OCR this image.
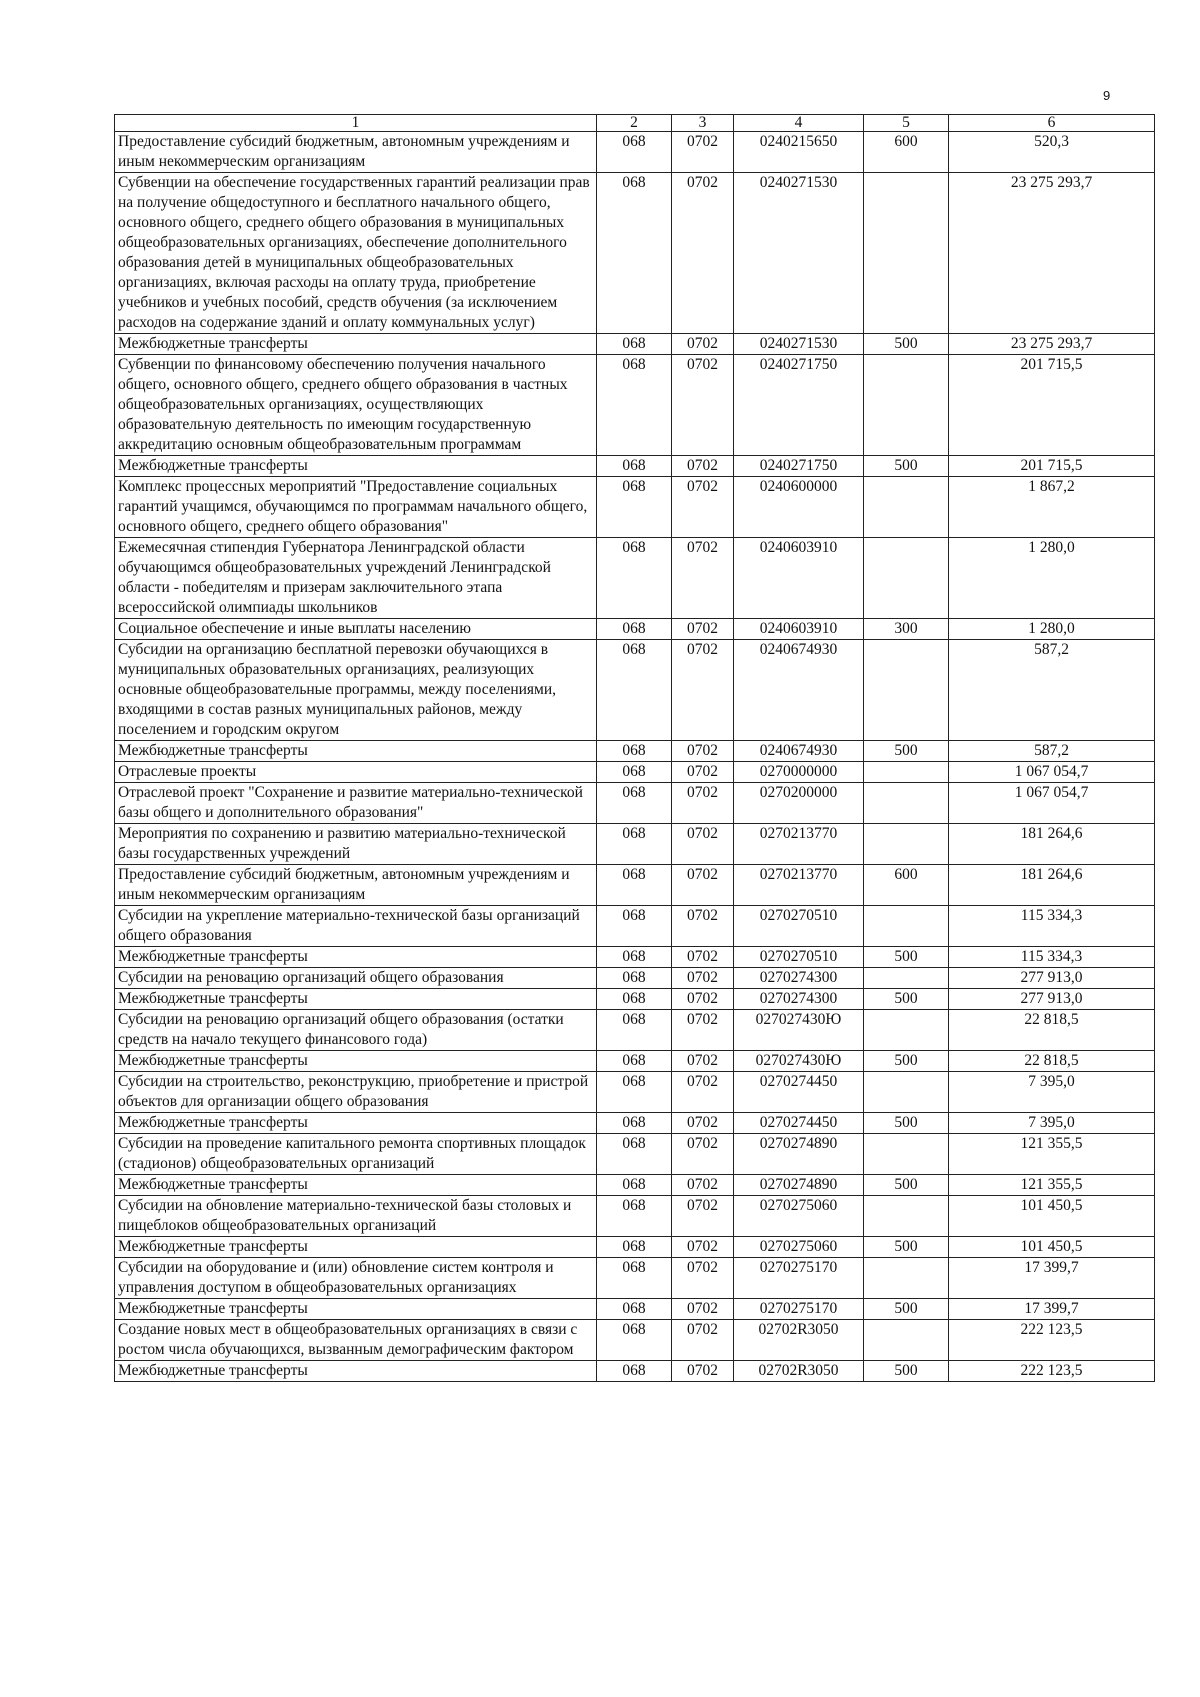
9
1	2	3	4	5	6
Предоставление субсидий бюджетным, автономным учреждениям и иным некоммерческим организациям	068	0702	0240215650	600	520,3
Субвенции на обеспечение государственных гарантий реализации прав на получение общедоступного и бесплатного начального общего, основного общего, среднего общего образования в муниципальных общеобразовательных организациях, обеспечение дополнительного образования детей в муниципальных общеобразовательных организациях, включая расходы на оплату труда, приобретение учебников и учебных пособий, средств обучения (за исключением расходов на содержание зданий и оплату коммунальных услуг)	068	0702	0240271530		23 275 293,7
Межбюджетные трансферты	068	0702	0240271530	500	23 275 293,7
Субвенции по финансовому обеспечению получения начального общего, основного общего, среднего общего образования в частных общеобразовательных организациях, осуществляющих образовательную деятельность по имеющим государственную аккредитацию основным общеобразовательным программам	068	0702	0240271750		201 715,5
Межбюджетные трансферты	068	0702	0240271750	500	201 715,5
Комплекс процессных мероприятий "Предоставление социальных гарантий учащимся, обучающимся по программам начального общего, основного общего, среднего общего образования"	068	0702	0240600000		1 867,2
Ежемесячная стипендия Губернатора Ленинградской области обучающимся общеобразовательных учреждений Ленинградской области - победителям и призерам заключительного этапа всероссийской олимпиады школьников	068	0702	0240603910		1 280,0
Социальное обеспечение и иные выплаты населению	068	0702	0240603910	300	1 280,0
Субсидии на организацию бесплатной перевозки обучающихся в муниципальных образовательных организациях, реализующих основные общеобразовательные программы, между поселениями, входящими в состав разных муниципальных районов, между поселением и городским округом	068	0702	0240674930		587,2
Межбюджетные трансферты	068	0702	0240674930	500	587,2
Отраслевые проекты	068	0702	0270000000		1 067 054,7
Отраслевой проект "Сохранение и развитие материально-технической базы общего и дополнительного образования"	068	0702	0270200000		1 067 054,7
Мероприятия по сохранению и развитию материально-технической базы государственных учреждений	068	0702	0270213770		181 264,6
Предоставление субсидий бюджетным, автономным учреждениям и иным некоммерческим организациям	068	0702	0270213770	600	181 264,6
Субсидии на укрепление материально-технической базы организаций общего образования	068	0702	0270270510		115 334,3
Межбюджетные трансферты	068	0702	0270270510	500	115 334,3
Субсидии на реновацию организаций общего образования	068	0702	0270274300		277 913,0
Межбюджетные трансферты	068	0702	0270274300	500	277 913,0
Субсидии на реновацию организаций общего образования (остатки средств на начало текущего финансового года)	068	0702	027027430Ю		22 818,5
Межбюджетные трансферты	068	0702	027027430Ю	500	22 818,5
Субсидии на строительство, реконструкцию, приобретение и пристрой объектов для организации общего образования	068	0702	0270274450		7 395,0
Межбюджетные трансферты	068	0702	0270274450	500	7 395,0
Субсидии на проведение капитального ремонта спортивных площадок (стадионов) общеобразовательных организаций	068	0702	0270274890		121 355,5
Межбюджетные трансферты	068	0702	0270274890	500	121 355,5
Субсидии на обновление материально-технической базы столовых и пищеблоков общеобразовательных организаций	068	0702	0270275060		101 450,5
Межбюджетные трансферты	068	0702	0270275060	500	101 450,5
Субсидии на оборудование и (или) обновление систем контроля и управления доступом в общеобразовательных организациях	068	0702	0270275170		17 399,7
Межбюджетные трансферты	068	0702	0270275170	500	17 399,7
Создание новых мест в общеобразовательных организациях в связи с ростом числа обучающихся, вызванным демографическим фактором	068	0702	02702R3050		222 123,5
Межбюджетные трансферты	068	0702	02702R3050	500	222 123,5
